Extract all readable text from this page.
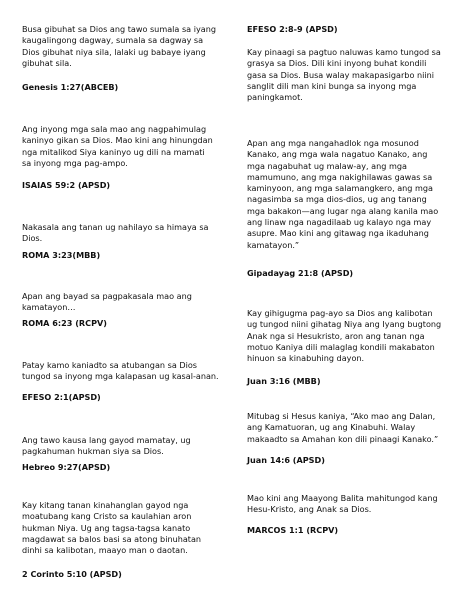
Busa gibuhat sa Dios ang tawo sumala sa iyang
kaugalingong dagway, sumala sa dagway sa
Dios gibuhat niya sila, lalaki ug babaye iyang
gibuhat sila.

Genesis 1:27(ABCEB)

Ang inyong mga sala mao ang nagpahimulag
kaninyo gikan sa Dios. Mao kini ang hinungdan
nga mitalikod Siya kaninyo ug dili na mamati
sa inyong mga pag-ampo.

ISAIAS 59:2 (APSD)

Nakasala ang tanan ug nahilayo sa himaya sa
Dios.

ROMA 3:23(MBB)

Apan ang bayad sa pagpakasala mao ang
kamatayon…

ROMA 6:23 (RCPV)

Patay kamo kaniadto sa atubangan sa Dios
tungod sa inyong mga kalapasan ug kasal-anan.

EFESO 2:1(APSD)

Ang tawo kausa lang gayod mamatay, ug
pagkahuman hukman siya sa Dios.

Hebreo 9:27(APSD)

Kay kitang tanan kinahanglan gayod nga
moatubang kang Cristo sa kaulahian aron
hukman Niya. Ug ang tagsa-tagsa kanato
magdawat sa balos basi sa atong binuhatan
dinhi sa kalibotan, maayo man o daotan.

2 Corinto 5:10 (APSD)

EFESO 2:8-9 (APSD)

Kay pinaagi sa pagtuo naluwas kamo tungod sa
grasya sa Dios. Dili kini inyong buhat kondili
gasa sa Dios. Busa walay makapasigarbo niini
sanglit dili man kini bunga sa inyong mga
paningkamot.

Apan ang mga nangahadlok nga mosunod
Kanako, ang mga wala nagatuo Kanako, ang
mga nagabuhat ug malaw-ay, ang mga
mamumuno, ang mga nakighilawas gawas sa
kaminyoon, ang mga salamangkero, ang mga
nagasimba sa mga dios-dios, ug ang tanang
mga bakakon—ang lugar nga alang kanila mao
ang linaw nga nagadilaab ug kalayo nga may
asupre. Mao kini ang gitawag nga ikaduhang
kamatayon.”

Gipadayag 21:8 (APSD)

Kay gihigugma pag-ayo sa Dios ang kalibotan
ug tungod niini gihatag Niya ang Iyang bugtong
Anak nga si Hesukristo, aron ang tanan nga
motuo Kaniya dili malaglag kondili makabaton
hinuon sa kinabuhing dayon.

Juan 3:16 (MBB)

Mitubag si Hesus kaniya, “Ako mao ang Dalan,
ang Kamatuoran, ug ang Kinabuhi. Walay
makaadto sa Amahan kon dili pinaagi Kanako.”

Juan 14:6 (APSD)

Mao kini ang Maayong Balita mahitungod kang
Hesu-Kristo, ang Anak sa Dios.

MARCOS 1:1 (RCPV)
